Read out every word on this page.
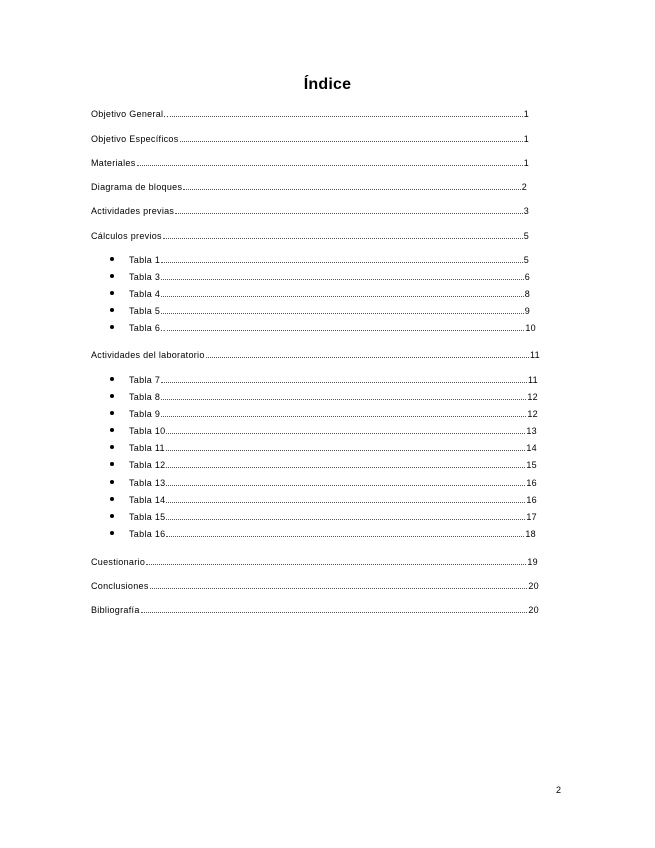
Índice
Objetivo General..	1
Objetivo Específicos	1
Materiales	1
Diagrama de bloques	2
Actividades previas	3
Cálculos previos	5
Tabla 1	5
Tabla 3	6
Tabla 4	8
Tabla 5	9
Tabla 6..	10
Actividades del laboratorio	11
Tabla 7	11
Tabla 8	12
Tabla 9	12
Tabla 10	13
Tabla 11	14
Tabla 12	15
Tabla 13	16
Tabla 14	16
Tabla 15	17
Tabla 16	18
Cuestionario	19
Conclusiones	20
Bibliografía	20
2
